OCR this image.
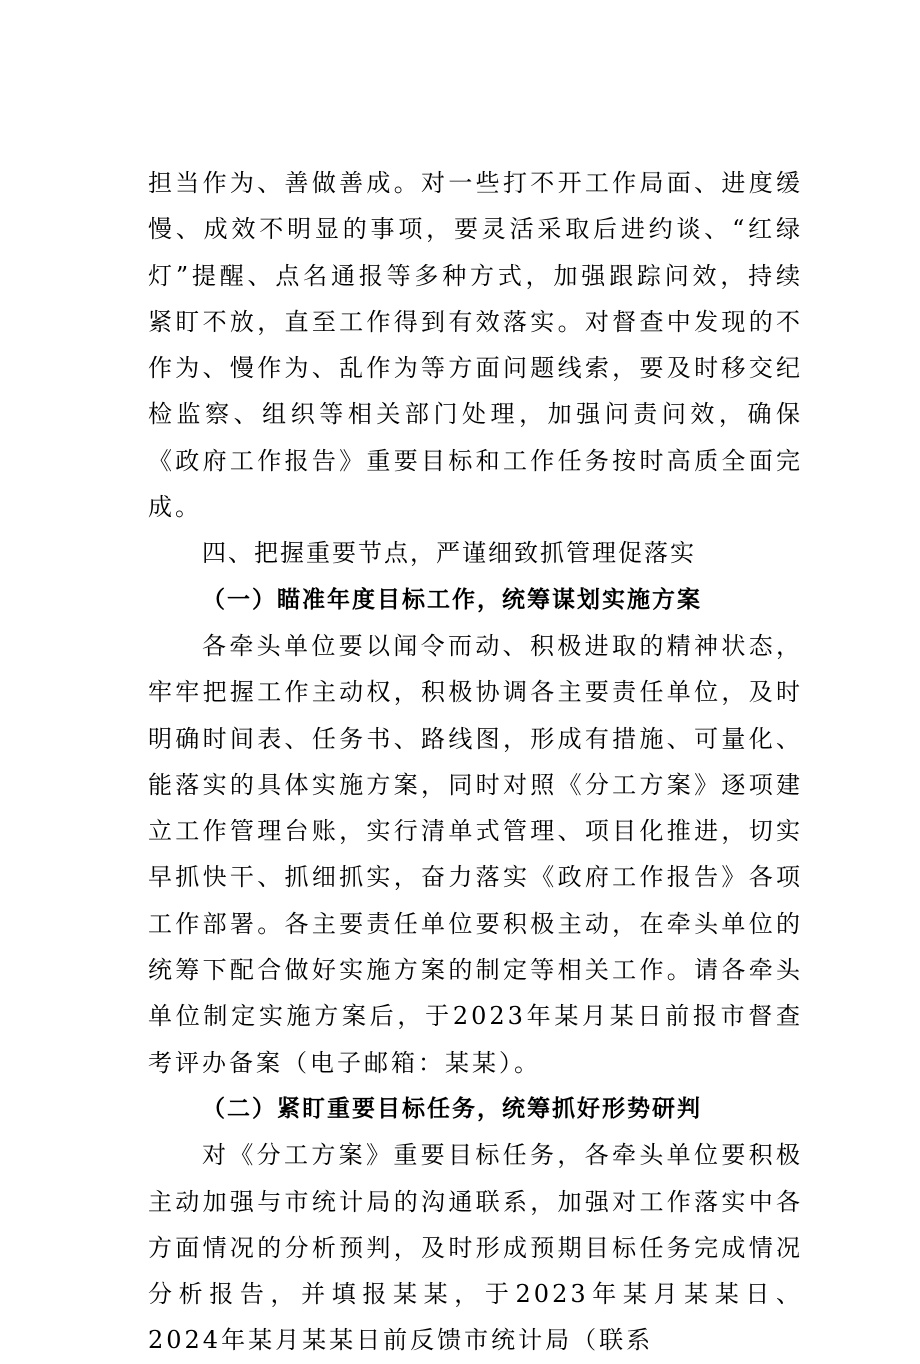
担当作为、善做善成。对一些打不开工作局面、进度缓慢、成效不明显的事项，要灵活采取后进约谈、“红绿灯”提醒、点名通报等多种方式，加强跟踪问效，持续紧盯不放，直至工作得到有效落实。对督查中发现的不作为、慢作为、乱作为等方面问题线索，要及时移交纪检监察、组织等相关部门处理，加强问责问效，确保《政府工作报告》重要目标和工作任务按时高质全面完成。

四、把握重要节点，严谨细致抓管理促落实
（一）瞄准年度目标工作，统筹谋划实施方案

各牵头单位要以闻令而动、积极进取的精神状态，牢牢把握工作主动权，积极协调各主要责任单位，及时明确时间表、任务书、路线图，形成有措施、可量化、能落实的具体实施方案，同时对照《分工方案》逐项建立工作管理台账，实行清单式管理、项目化推进，切实早抓快干、抓细抓实，奋力落实《政府工作报告》各项工作部署。各主要责任单位要积极主动，在牵头单位的统筹下配合做好实施方案的制定等相关工作。请各牵头单位制定实施方案后，于2023年某月某日前报市督查考评办备案（电子邮箱：某某）。

（二）紧盯重要目标任务，统筹抓好形势研判

对《分工方案》重要目标任务，各牵头单位要积极主动加强与市统计局的沟通联系，加强对工作落实中各方面情况的分析预判，及时形成预期目标任务完成情况分析报告，并填报某某，于2023年某月某某日、2024年某月某某日前反馈市统计局（联系
